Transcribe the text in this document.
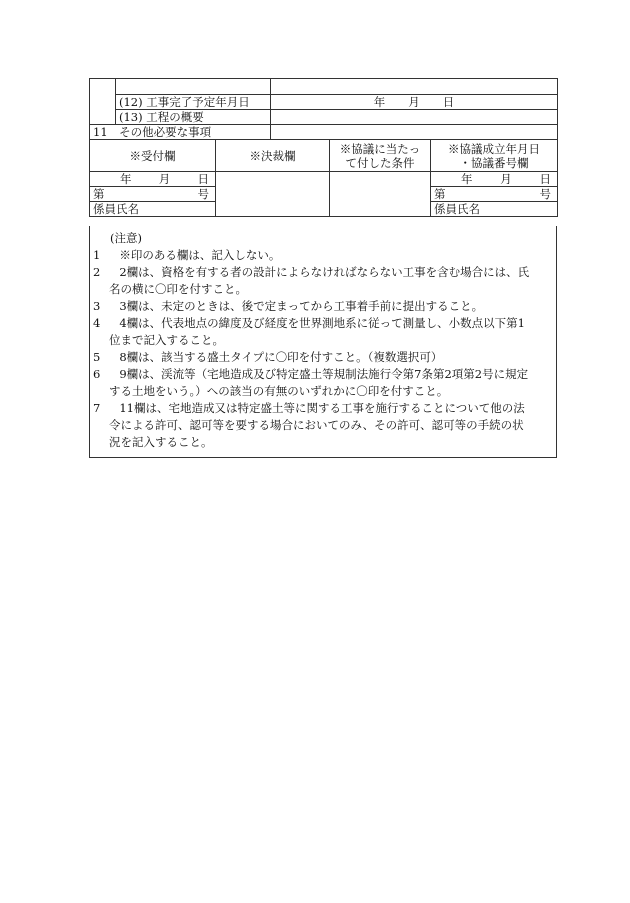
	(12) 工事完了予定年月日		年　　月　　日		
	(13) 工程の概要				
11　その他必要な事項					
※受付欄		※決裁欄		※協議に当たっ
て付した条件	※協議成立年月日
・協議番号欄

年 月 日					年 月 日

第 号					第 号

係員氏名					係員氏名
(注意)
1	※印のある欄は、記入しない。
2	2欄は、資格を有する者の設計によらなければならない工事を含む場合には、氏
名の横に〇印を付すこと。
3	3欄は、未定のときは、後で定まってから工事着手前に提出すること。
4	4欄は、代表地点の緯度及び経度を世界測地系に従って測量し、小数点以下第1
位まで記入すること。
5	8欄は、該当する盛土タイプに〇印を付すこと。（複数選択可）
6	9欄は、渓流等（宅地造成及び特定盛土等規制法施行令第7条第2項第2号に規定
する土地をいう。）への該当の有無のいずれかに〇印を付すこと。
7	11欄は、宅地造成又は特定盛土等に関する工事を施行することについて他の法
令による許可、認可等を要する場合においてのみ、その許可、認可等の手続の状
況を記入すること。
